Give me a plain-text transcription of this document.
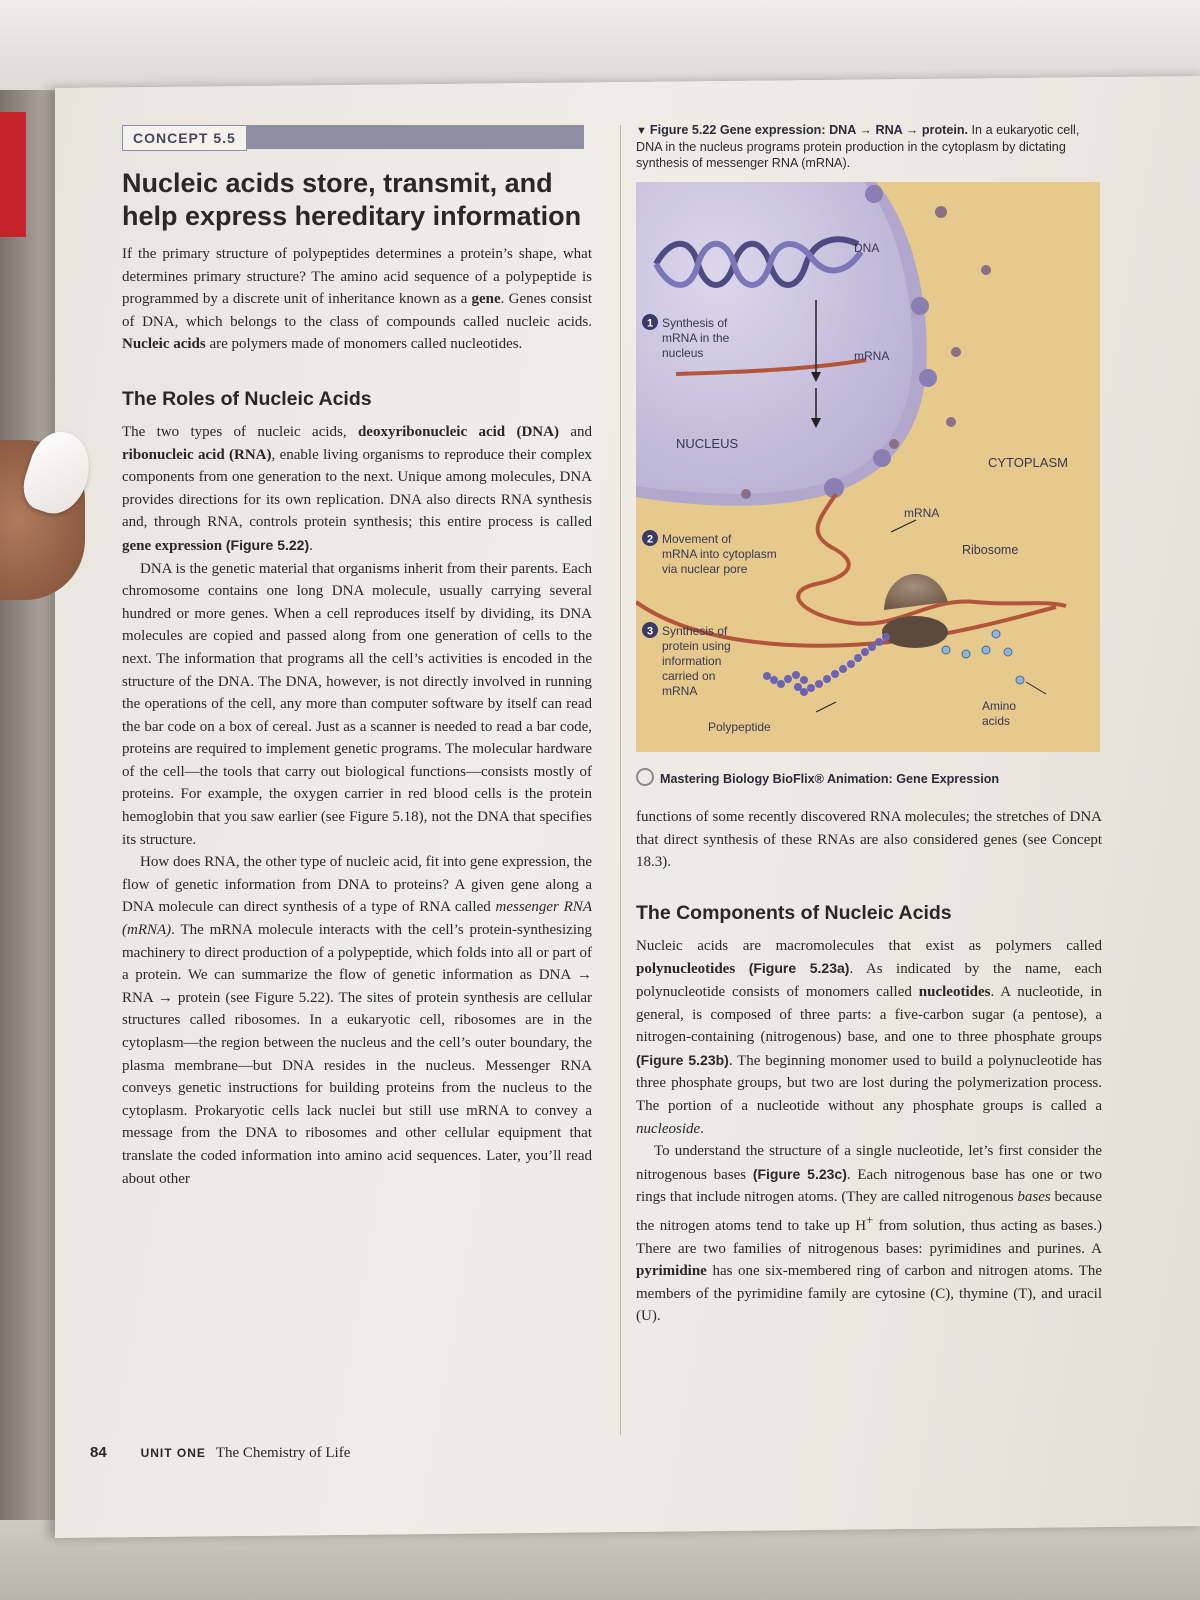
CONCEPT 5.5
Nucleic acids store, transmit, and help express hereditary information

If the primary structure of polypeptides determines a protein’s shape, what determines primary structure? The amino acid sequence of a polypeptide is programmed by a discrete unit of inheritance known as a gene. Genes consist of DNA, which belongs to the class of compounds called nucleic acids. Nucleic acids are polymers made of monomers called nucleotides.

The Roles of Nucleic Acids

The two types of nucleic acids, deoxyribonucleic acid (DNA) and ribonucleic acid (RNA), enable living organisms to reproduce their complex components from one generation to the next. Unique among molecules, DNA provides directions for its own replication. DNA also directs RNA synthesis and, through RNA, controls protein synthesis; this entire process is called gene expression (Figure 5.22).

DNA is the genetic material that organisms inherit from their parents. Each chromosome contains one long DNA molecule, usually carrying several hundred or more genes. When a cell reproduces itself by dividing, its DNA molecules are copied and passed along from one generation of cells to the next. The information that programs all the cell’s activities is encoded in the structure of the DNA. The DNA, however, is not directly involved in running the operations of the cell, any more than computer software by itself can read the bar code on a box of cereal. Just as a scanner is needed to read a bar code, proteins are required to implement genetic programs. The molecular hardware of the cell—the tools that carry out biological functions—consists mostly of proteins. For example, the oxygen carrier in red blood cells is the protein hemoglobin that you saw earlier (see Figure 5.18), not the DNA that specifies its structure.

How does RNA, the other type of nucleic acid, fit into gene expression, the flow of genetic information from DNA to proteins? A given gene along a DNA molecule can direct synthesis of a type of RNA called messenger RNA (mRNA). The mRNA molecule interacts with the cell’s protein-synthesizing machinery to direct production of a polypeptide, which folds into all or part of a protein. We can summarize the flow of genetic information as DNA → RNA → protein (see Figure 5.22). The sites of protein synthesis are cellular structures called ribosomes. In a eukaryotic cell, ribosomes are in the cytoplasm—the region between the nucleus and the cell’s outer boundary, the plasma membrane—but DNA resides in the nucleus. Messenger RNA conveys genetic instructions for building proteins from the nucleus to the cytoplasm. Prokaryotic cells lack nuclei but still use mRNA to convey a message from the DNA to ribosomes and other cellular equipment that translate the coded information into amino acid sequences. Later, you’ll read about other

▼ Figure 5.22 Gene expression: DNA → RNA → protein. In a eukaryotic cell, DNA in the nucleus programs protein production in the cytoplasm by dictating synthesis of messenger RNA (mRNA).
DNA
mRNA
NUCLEUS
CYTOPLASM
mRNA
Ribosome
Amino
acids
Polypeptide
1 Synthesis of
mRNA in the
nucleus
2 Movement of
mRNA into cytoplasm
via nuclear pore
3 Synthesis of
protein using
information
carried on
mRNA
Mastering Biology BioFlix® Animation: Gene Expression

functions of some recently discovered RNA molecules; the stretches of DNA that direct synthesis of these RNAs are also considered genes (see Concept 18.3).

The Components of Nucleic Acids

Nucleic acids are macromolecules that exist as polymers called polynucleotides (Figure 5.23a). As indicated by the name, each polynucleotide consists of monomers called nucleotides. A nucleotide, in general, is composed of three parts: a five-carbon sugar (a pentose), a nitrogen-containing (nitrogenous) base, and one to three phosphate groups (Figure 5.23b). The beginning monomer used to build a polynucleotide has three phosphate groups, but two are lost during the polymerization process. The portion of a nucleotide without any phosphate groups is called a nucleoside.

To understand the structure of a single nucleotide, let’s first consider the nitrogenous bases (Figure 5.23c). Each nitrogenous base has one or two rings that include nitrogen atoms. (They are called nitrogenous bases because the nitrogen atoms tend to take up H+ from solution, thus acting as bases.) There are two families of nitrogenous bases: pyrimidines and purines. A pyrimidine has one six-membered ring of carbon and nitrogen atoms. The members of the pyrimidine family are cytosine (C), thymine (T), and uracil (U).

84	UNIT ONE The Chemistry of Life
